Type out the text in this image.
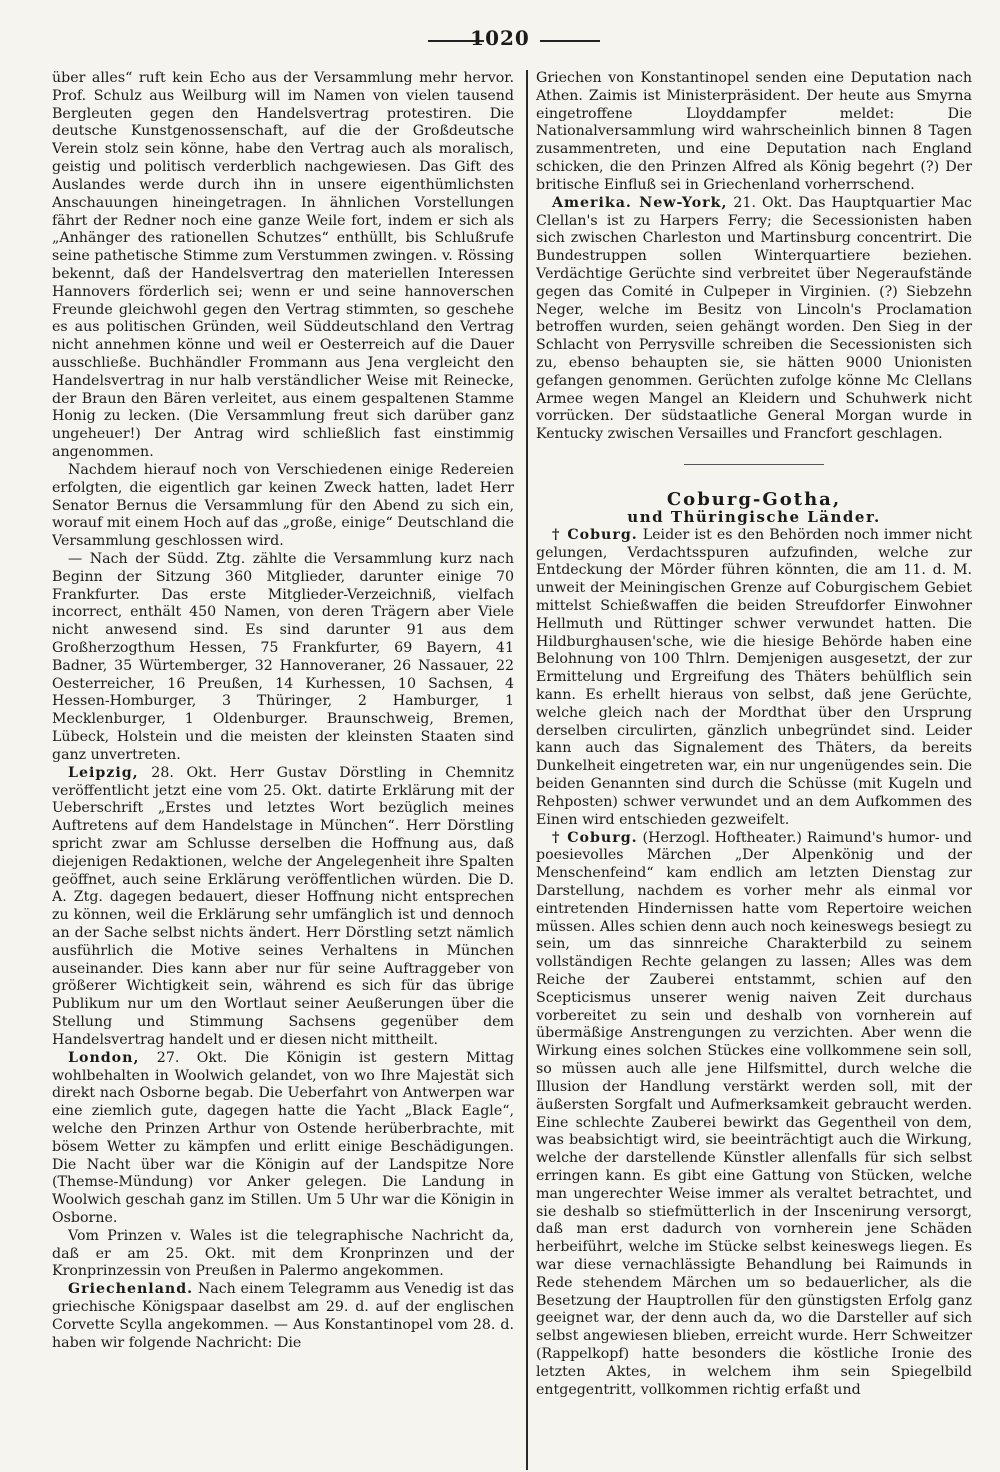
1020

über alles“ ruft kein Echo aus der Versammlung mehr hervor. Prof. Schulz aus Weilburg will im Namen von vielen tausend Bergleuten gegen den Handelsvertrag protestiren. Die deutsche Kunstgenossenschaft, auf die der Großdeutsche Verein stolz sein könne, habe den Vertrag auch als moralisch, geistig und politisch verderblich nachgewiesen. Das Gift des Auslandes werde durch ihn in unsere eigenthümlichsten Anschauungen hineingetragen. In ähnlichen Vorstellungen fährt der Redner noch eine ganze Weile fort, indem er sich als „Anhänger des rationellen Schutzes“ enthüllt, bis Schlußrufe seine pathetische Stimme zum Verstummen zwingen. v. Rössing bekennt, daß der Handelsvertrag den materiellen Interessen Hannovers förderlich sei; wenn er und seine hannoverschen Freunde gleichwohl gegen den Vertrag stimmten, so geschehe es aus politischen Gründen, weil Süddeutschland den Vertrag nicht annehmen könne und weil er Oesterreich auf die Dauer ausschließe. Buchhändler Frommann aus Jena vergleicht den Handelsvertrag in nur halb verständlicher Weise mit Reinecke, der Braun den Bären verleitet, aus einem gespaltenen Stamme Honig zu lecken. (Die Versammlung freut sich darüber ganz ungeheuer!) Der Antrag wird schließlich fast einstimmig angenommen.

Nachdem hierauf noch von Verschiedenen einige Redereien erfolgten, die eigentlich gar keinen Zweck hatten, ladet Herr Senator Bernus die Versammlung für den Abend zu sich ein, worauf mit einem Hoch auf das „große, einige“ Deutschland die Versammlung geschlossen wird.

— Nach der Südd. Ztg. zählte die Versammlung kurz nach Beginn der Sitzung 360 Mitglieder, darunter einige 70 Frankfurter. Das erste Mitglieder-Verzeichniß, vielfach incorrect, enthält 450 Namen, von deren Trägern aber Viele nicht anwesend sind. Es sind darunter 91 aus dem Großherzogthum Hessen, 75 Frankfurter, 69 Bayern, 41 Badner, 35 Würtemberger, 32 Hannoveraner, 26 Nassauer, 22 Oesterreicher, 16 Preußen, 14 Kurhessen, 10 Sachsen, 4 Hessen-Homburger, 3 Thüringer, 2 Hamburger, 1 Mecklenburger, 1 Oldenburger. Braunschweig, Bremen, Lübeck, Holstein und die meisten der kleinsten Staaten sind ganz unvertreten.

Leipzig, 28. Okt. Herr Gustav Dörstling in Chemnitz veröffentlicht jetzt eine vom 25. Okt. datirte Erklärung mit der Ueberschrift „Erstes und letztes Wort bezüglich meines Auftretens auf dem Handelstage in München“. Herr Dörstling spricht zwar am Schlusse derselben die Hoffnung aus, daß diejenigen Redaktionen, welche der Angelegenheit ihre Spalten geöffnet, auch seine Erklärung veröffentlichen würden. Die D. A. Ztg. dagegen bedauert, dieser Hoffnung nicht entsprechen zu können, weil die Erklärung sehr umfänglich ist und dennoch an der Sache selbst nichts ändert. Herr Dörstling setzt nämlich ausführlich die Motive seines Verhaltens in München auseinander. Dies kann aber nur für seine Auftraggeber von größerer Wichtigkeit sein, während es sich für das übrige Publikum nur um den Wortlaut seiner Aeußerungen über die Stellung und Stimmung Sachsens gegenüber dem Handelsvertrag handelt und er diesen nicht mittheilt.

London, 27. Okt. Die Königin ist gestern Mittag wohlbehalten in Woolwich gelandet, von wo Ihre Majestät sich direkt nach Osborne begab. Die Ueberfahrt von Antwerpen war eine ziemlich gute, dagegen hatte die Yacht „Black Eagle“, welche den Prinzen Arthur von Ostende herüberbrachte, mit bösem Wetter zu kämpfen und erlitt einige Beschädigungen. Die Nacht über war die Königin auf der Landspitze Nore (Themse-Mündung) vor Anker gelegen. Die Landung in Woolwich geschah ganz im Stillen. Um 5 Uhr war die Königin in Osborne.

Vom Prinzen v. Wales ist die telegraphische Nachricht da, daß er am 25. Okt. mit dem Kronprinzen und der Kronprinzessin von Preußen in Palermo angekommen.

Griechenland. Nach einem Telegramm aus Venedig ist das griechische Königspaar daselbst am 29. d. auf der englischen Corvette Scylla angekommen. — Aus Konstantinopel vom 28. d. haben wir folgende Nachricht: Die

Griechen von Konstantinopel senden eine Deputation nach Athen. Zaimis ist Ministerpräsident. Der heute aus Smyrna eingetroffene Lloyddampfer meldet: Die Nationalversammlung wird wahrscheinlich binnen 8 Tagen zusammentreten, und eine Deputation nach England schicken, die den Prinzen Alfred als König begehrt (?) Der britische Einfluß sei in Griechenland vorherrschend.

Amerika. New-York, 21. Okt. Das Hauptquartier Mac Clellan's ist zu Harpers Ferry; die Secessionisten haben sich zwischen Charleston und Martinsburg concentrirt. Die Bundestruppen sollen Winterquartiere beziehen. Verdächtige Gerüchte sind verbreitet über Negeraufstände gegen das Comité in Culpeper in Virginien. (?) Siebzehn Neger, welche im Besitz von Lincoln's Proclamation betroffen wurden, seien gehängt worden. Den Sieg in der Schlacht von Perrysville schreiben die Secessionisten sich zu, ebenso behaupten sie, sie hätten 9000 Unionisten gefangen genommen. Gerüchten zufolge könne Mc Clellans Armee wegen Mangel an Kleidern und Schuhwerk nicht vorrücken. Der südstaatliche General Morgan wurde in Kentucky zwischen Versailles und Francfort geschlagen.

Coburg-Gotha,

und Thüringische Länder.

† Coburg. Leider ist es den Behörden noch immer nicht gelungen, Verdachtsspuren aufzufinden, welche zur Entdeckung der Mörder führen könnten, die am 11. d. M. unweit der Meiningischen Grenze auf Coburgischem Gebiet mittelst Schießwaffen die beiden Streufdorfer Einwohner Hellmuth und Rüttinger schwer verwundet hatten. Die Hildburghausen'sche, wie die hiesige Behörde haben eine Belohnung von 100 Thlrn. Demjenigen ausgesetzt, der zur Ermittelung und Ergreifung des Thäters behülflich sein kann. Es erhellt hieraus von selbst, daß jene Gerüchte, welche gleich nach der Mordthat über den Ursprung derselben circulirten, gänzlich unbegründet sind. Leider kann auch das Signalement des Thäters, da bereits Dunkelheit eingetreten war, ein nur ungenügendes sein. Die beiden Genannten sind durch die Schüsse (mit Kugeln und Rehposten) schwer verwundet und an dem Aufkommen des Einen wird entschieden gezweifelt.

† Coburg. (Herzogl. Hoftheater.) Raimund's humor- und poesievolles Märchen „Der Alpenkönig und der Menschenfeind“ kam endlich am letzten Dienstag zur Darstellung, nachdem es vorher mehr als einmal vor eintretenden Hindernissen hatte vom Repertoire weichen müssen. Alles schien denn auch noch keineswegs besiegt zu sein, um das sinnreiche Charakterbild zu seinem vollständigen Rechte gelangen zu lassen; Alles was dem Reiche der Zauberei entstammt, schien auf den Scepticismus unserer wenig naiven Zeit durchaus vorbereitet zu sein und deshalb von vornherein auf übermäßige Anstrengungen zu verzichten. Aber wenn die Wirkung eines solchen Stückes eine vollkommene sein soll, so müssen auch alle jene Hilfsmittel, durch welche die Illusion der Handlung verstärkt werden soll, mit der äußersten Sorgfalt und Aufmerksamkeit gebraucht werden. Eine schlechte Zauberei bewirkt das Gegentheil von dem, was beabsichtigt wird, sie beeinträchtigt auch die Wirkung, welche der darstellende Künstler allenfalls für sich selbst erringen kann. Es gibt eine Gattung von Stücken, welche man ungerechter Weise immer als veraltet betrachtet, und sie deshalb so stiefmütterlich in der Inscenirung versorgt, daß man erst dadurch von vornherein jene Schäden herbeiführt, welche im Stücke selbst keineswegs liegen. Es war diese vernachlässigte Behandlung bei Raimunds in Rede stehendem Märchen um so bedauerlicher, als die Besetzung der Hauptrollen für den günstigsten Erfolg ganz geeignet war, der denn auch da, wo die Darsteller auf sich selbst angewiesen blieben, erreicht wurde. Herr Schweitzer (Rappelkopf) hatte besonders die köstliche Ironie des letzten Aktes, in welchem ihm sein Spiegelbild entgegentritt, vollkommen richtig erfaßt und
